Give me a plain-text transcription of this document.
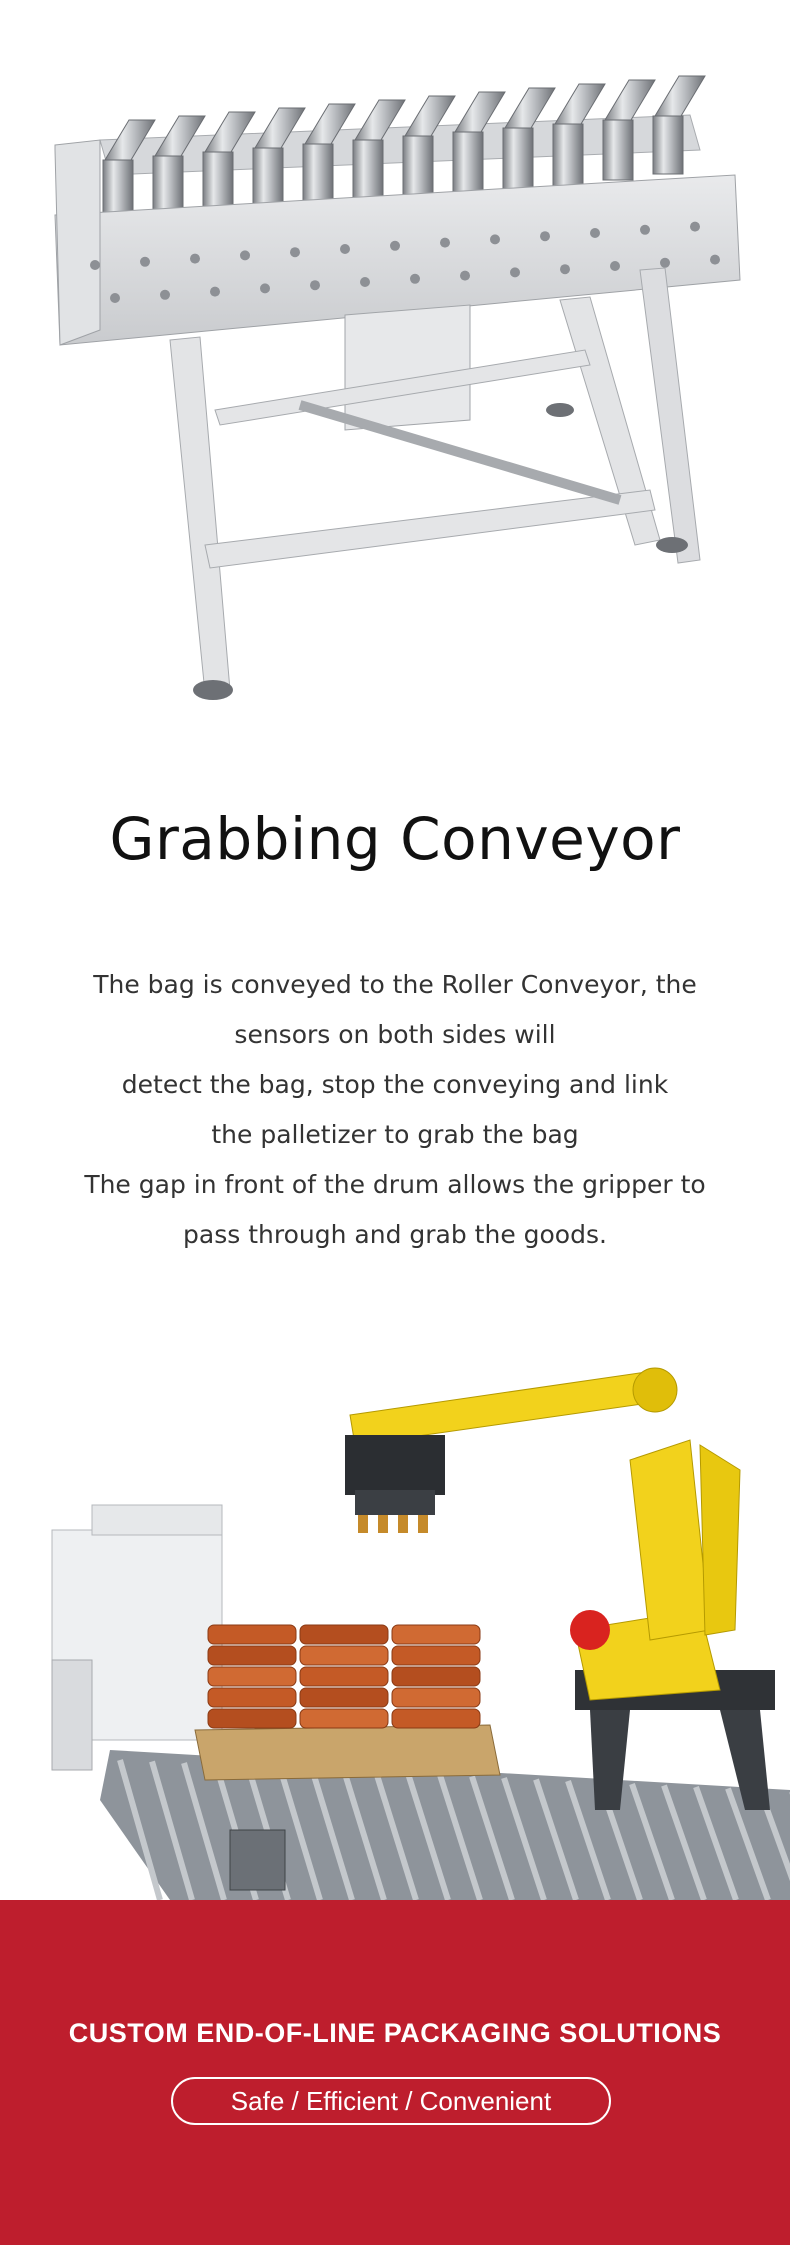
Grabbing Conveyor
The bag is conveyed to the Roller Conveyor, the
sensors on both sides will
detect the bag, stop the conveying and link
the palletizer to grab the bag
The gap in front of the drum allows the gripper to
pass through and grab the goods.
CUSTOM END-OF-LINE PACKAGING SOLUTIONS
Safe / Efficient / Convenient
